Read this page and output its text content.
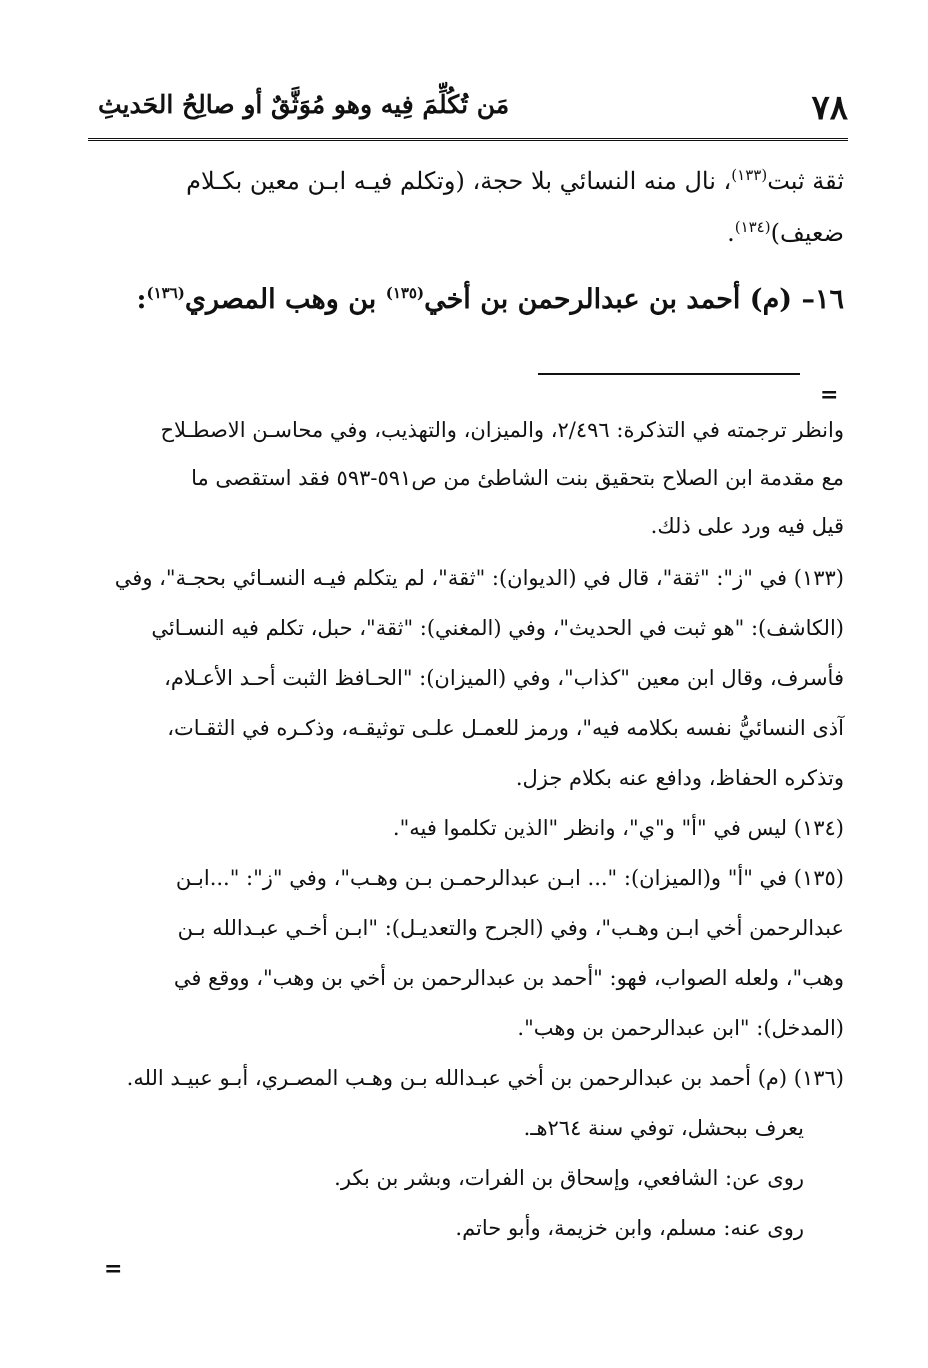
٧٨
مَن تُكُلِّمَ فِيه وهو مُوَثَّقٌ أو صالِحُ الحَديثِ
ثقة ثبت$^{(١٣٣)}$، نال منه النسائي بلا حجة، (وتكلم فيـه ابـن معين بكـلام
ضعيف)$^{(١٣٤)}$.
١٦– (م) أحمد بن عبدالرحمن بن أخي$^{(١٣٥)}$ بن وهب المصري$^{(١٣٦)}$:
=
وانظر ترجمته في التذكرة: ٢/٤٩٦، والميزان، والتهذيب، وفي محاسـن الاصطـلاح
مع مقدمة ابن الصلاح بتحقيق بنت الشاطئ من ص٥٩١-٥٩٣ فقد استقصى ما
قيل فيه ورد على ذلك.
(١٣٣) في "ز": "ثقة"، قال في (الديوان): "ثقة"، لم يتكلم فيـه النسـائي بحجـة"، وفي
(الكاشف): "هو ثبت في الحديث"، وفي (المغني): "ثقة"، حبل، تكلم فيه النسـائي
فأسرف، وقال ابن معين "كذاب"، وفي (الميزان): "الحـافظ الثبت أحـد الأعـلام،
آذى النسائيُّ نفسه بكلامه فيه"، ورمز للعمـل علـى توثيقـه، وذكـره في الثقـات،
وتذكره الحفاظ، ودافع عنه بكلام جزل.
(١٣٤) ليس في "أ" و"ي"، وانظر "الذين تكلموا فيه".
(١٣٥) في "أ" و(الميزان): "... ابـن عبدالرحمـن بـن وهـب"، وفي "ز": "...ابـن
عبدالرحمن أخي ابـن وهـب"، وفي (الجرح والتعديـل): "ابـن أخـي عبـدالله بـن
وهب"، ولعله الصواب، فهو: "أحمد بن عبدالرحمن بن أخي بن وهب"، ووقع في
(المدخل): "ابن عبدالرحمن بن وهب".
(١٣٦) (م) أحمد بن عبدالرحمن بن أخي عبـدالله بـن وهـب المصـري، أبـو عبيـد الله.
يعرف ببحشل، توفي سنة ٢٦٤هـ.
روى عن: الشافعي، وإسحاق بن الفرات، وبشر بن بكر.
روى عنه: مسلم، وابن خزيمة، وأبو حاتم.
=
